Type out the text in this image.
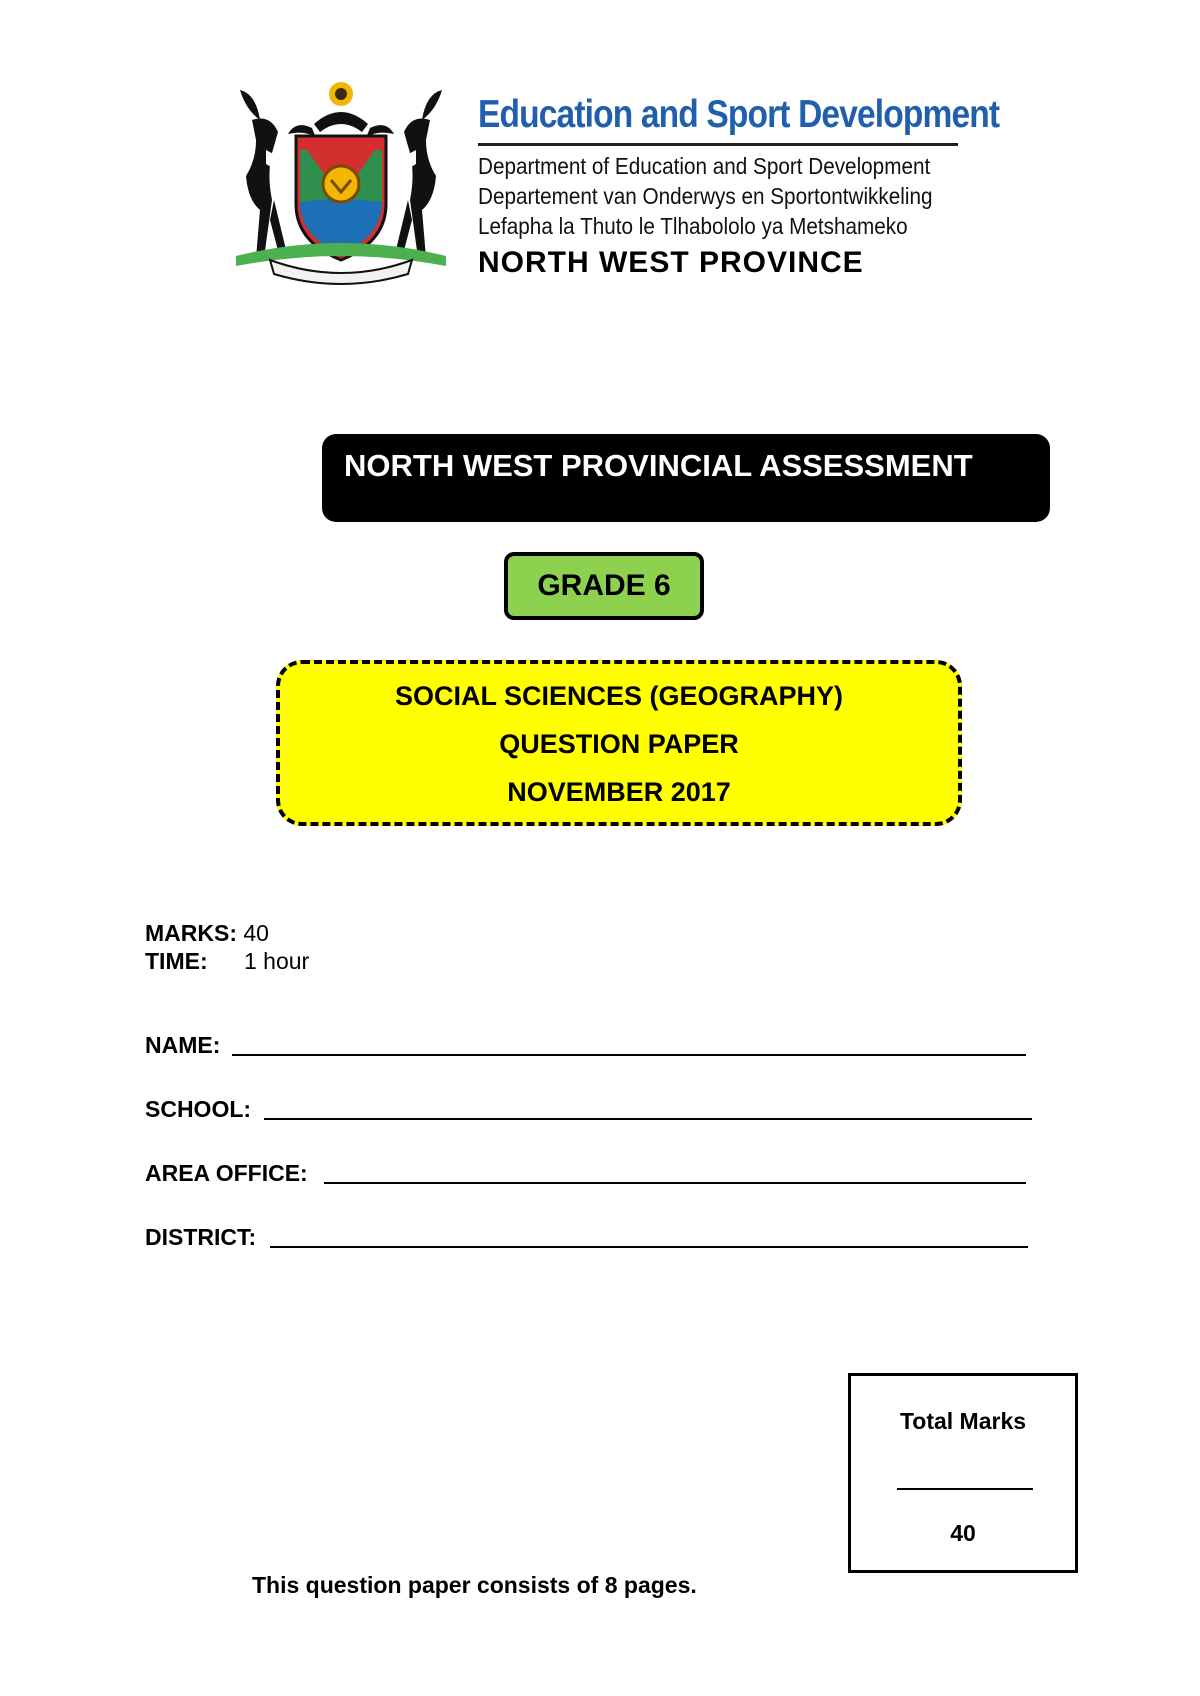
Education and Sport Development
Department of Education and Sport Development
Departement van Onderwys en Sportontwikkeling
Lefapha la Thuto le Tlhabololo ya Metshameko
NORTH WEST PROVINCE
NORTH WEST PROVINCIAL ASSESSMENT
GRADE 6
SOCIAL SCIENCES (GEOGRAPHY)
QUESTION PAPER
NOVEMBER 2017
MARKS: 40
TIME: 1 hour
NAME:
SCHOOL:
AREA OFFICE:
DISTRICT:
Total Marks
40
This question paper consists of 8 pages.
